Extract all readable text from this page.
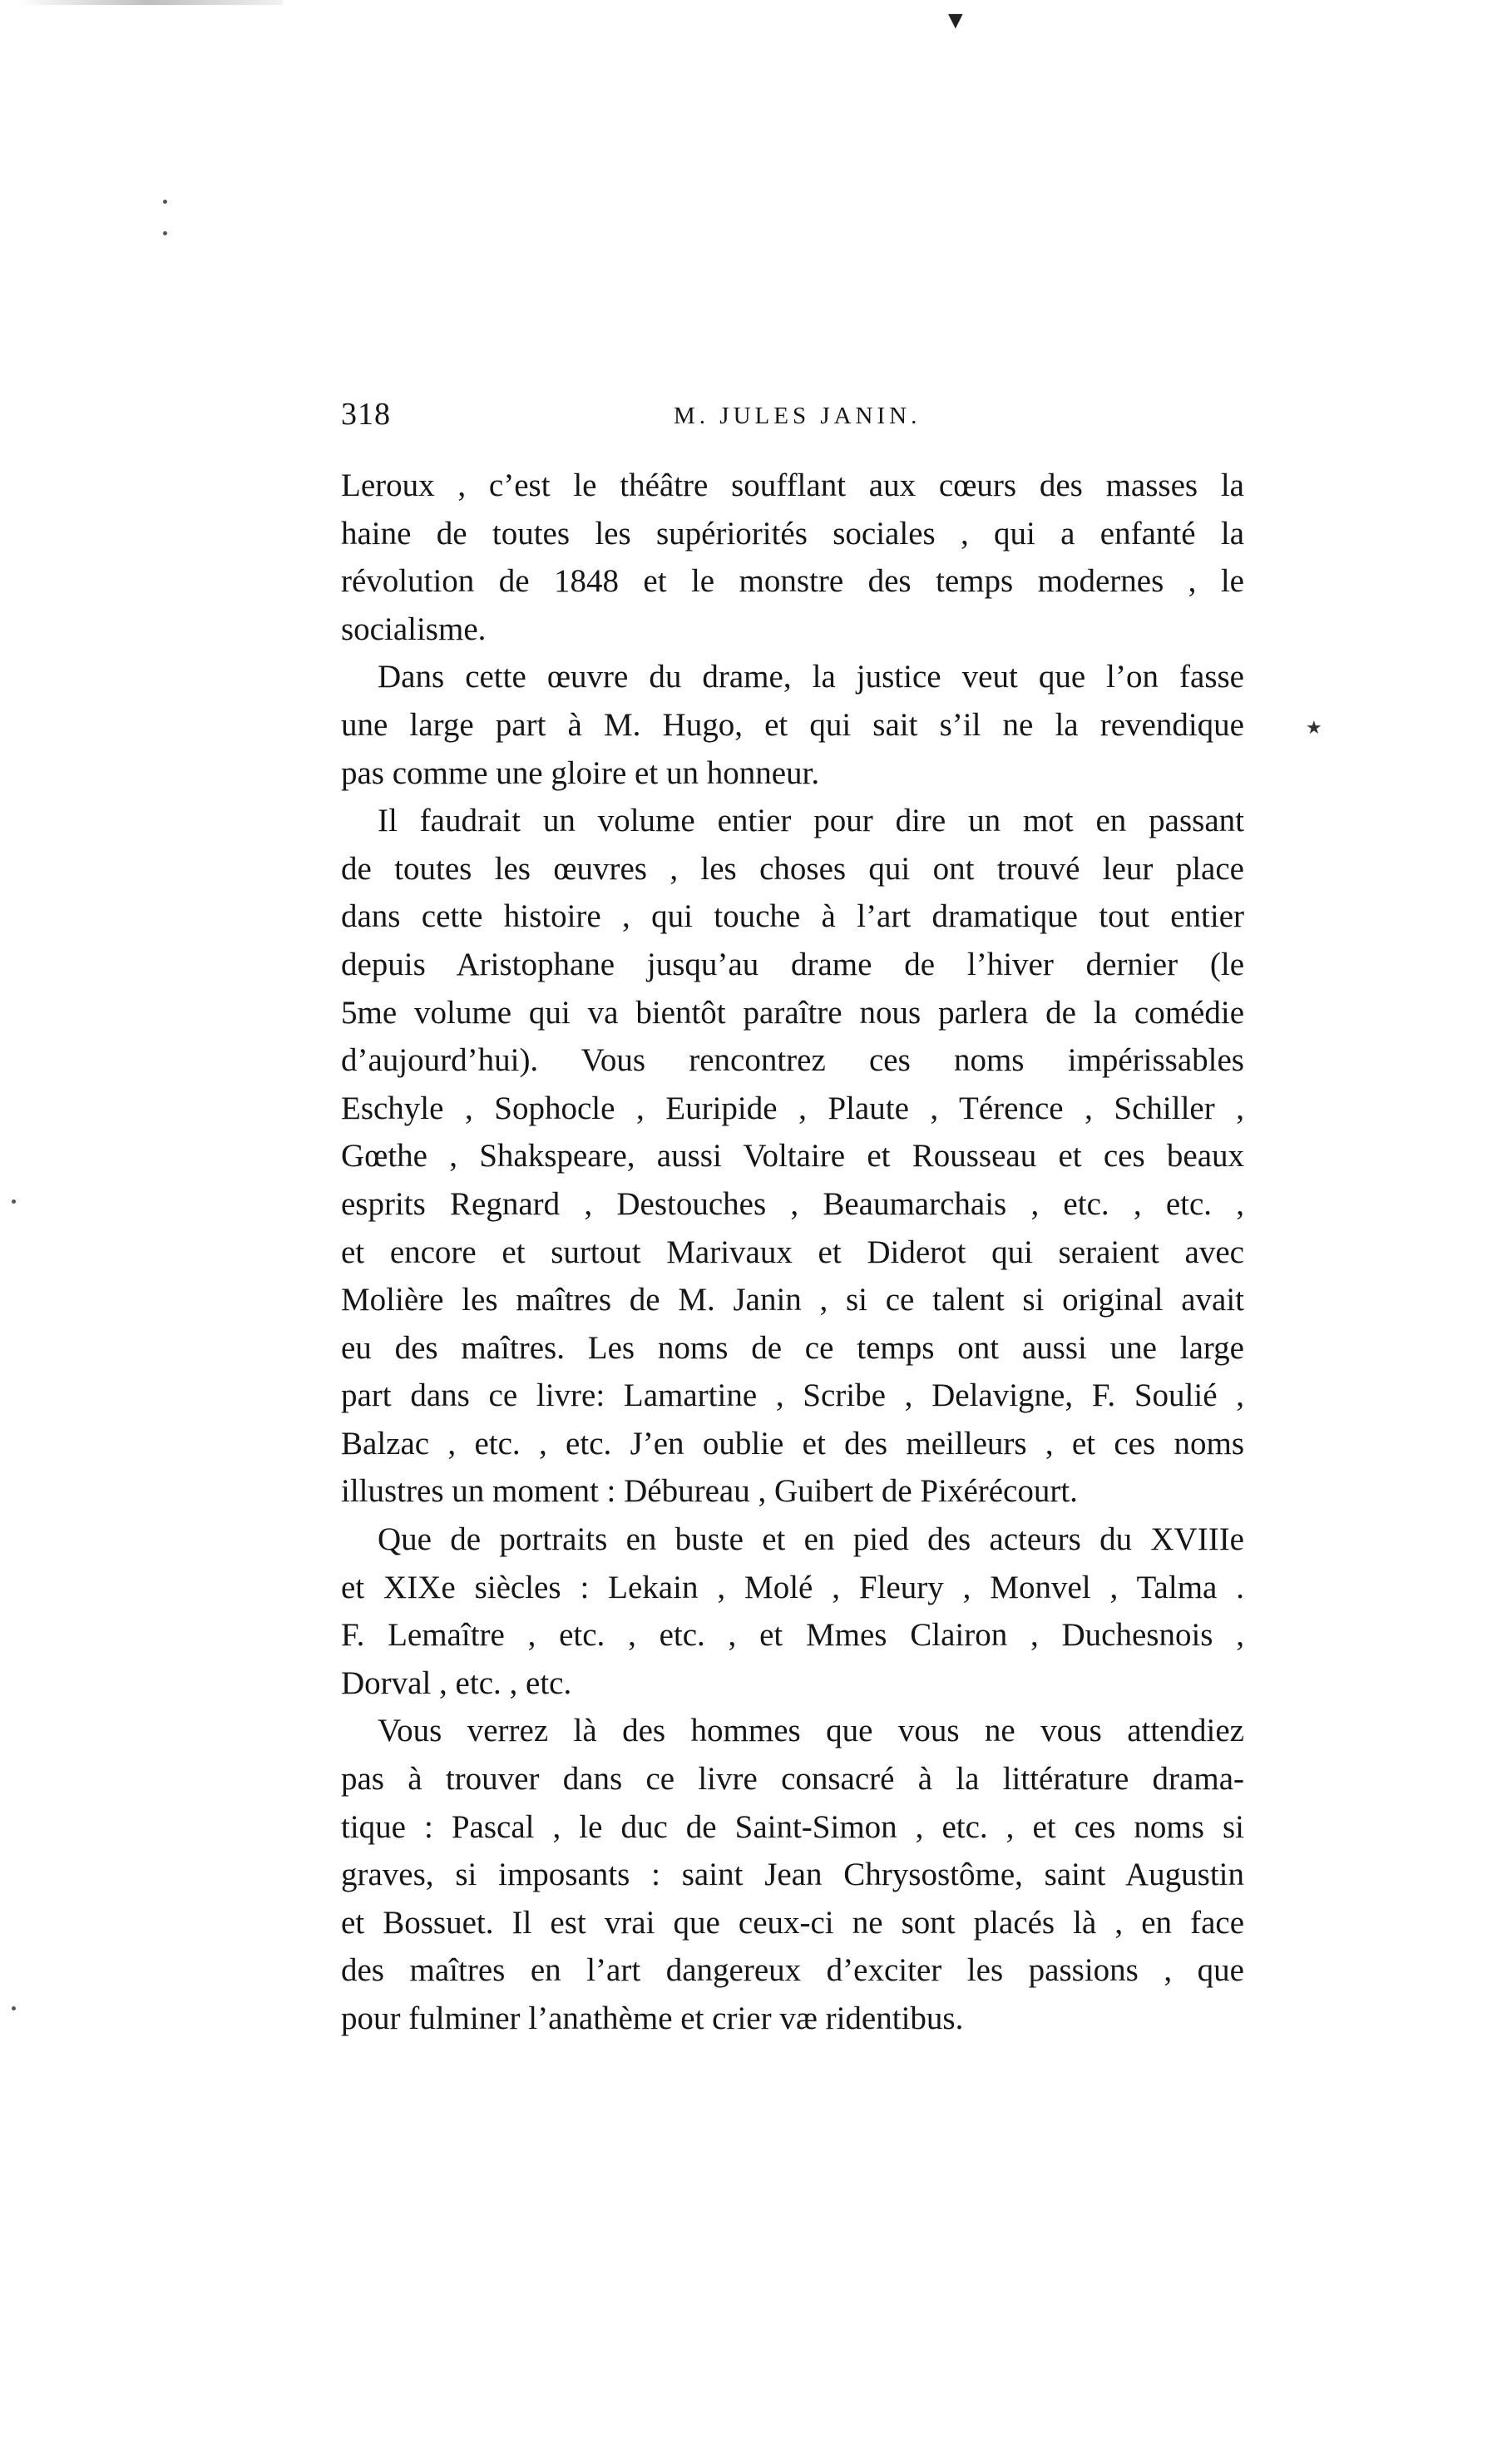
▼
★
318	M. JULES JANIN.
Leroux , c’est le théâtre soufflant aux cœurs des masses la
haine de toutes les supériorités sociales , qui a enfanté la
révolution de 1848 et le monstre des temps modernes , le
socialisme.
Dans cette œuvre du drame, la justice veut que l’on fasse
une large part à M. Hugo, et qui sait s’il ne la revendique
pas comme une gloire et un honneur.
Il faudrait un volume entier pour dire un mot en passant
de toutes les œuvres , les choses qui ont trouvé leur place
dans cette histoire , qui touche à l’art dramatique tout entier
depuis Aristophane jusqu’au drame de l’hiver dernier (le
5me volume qui va bientôt paraître nous parlera de la comédie
d’aujourd’hui). Vous rencontrez ces noms impérissables
Eschyle , Sophocle , Euripide , Plaute , Térence , Schiller ,
Gœthe , Shakspeare, aussi Voltaire et Rousseau et ces beaux
esprits Regnard , Destouches , Beaumarchais , etc. , etc. ,
et encore et surtout Marivaux et Diderot qui seraient avec
Molière les maîtres de M. Janin , si ce talent si original avait
eu des maîtres. Les noms de ce temps ont aussi une large
part dans ce livre: Lamartine , Scribe , Delavigne, F. Soulié ,
Balzac , etc. , etc. J’en oublie et des meilleurs , et ces noms
illustres un moment : Débureau , Guibert de Pixérécourt.
Que de portraits en buste et en pied des acteurs du XVIIIe
et XIXe siècles : Lekain , Molé , Fleury , Monvel , Talma .
F. Lemaître , etc. , etc. , et Mmes Clairon , Duchesnois ,
Dorval , etc. , etc.
Vous verrez là des hommes que vous ne vous attendiez
pas à trouver dans ce livre consacré à la littérature drama-
tique : Pascal , le duc de Saint-Simon , etc. , et ces noms si
graves, si imposants : saint Jean Chrysostôme, saint Augustin
et Bossuet. Il est vrai que ceux-ci ne sont placés là , en face
des maîtres en l’art dangereux d’exciter les passions , que
pour fulminer l’anathème et crier væ ridentibus.
